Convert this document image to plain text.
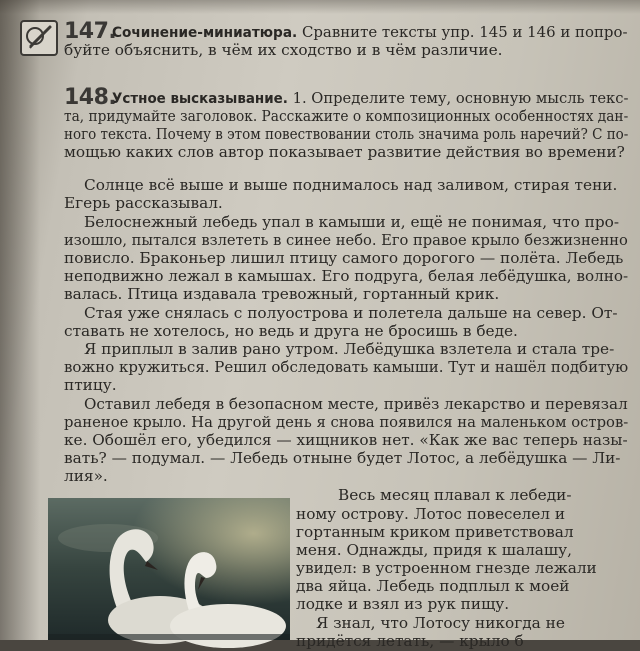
147.
Сочинение-миниатюра. Сравните тексты упр. 145 и 146 и попро-
буйте объяснить, в чём их сходство и в чём различие.
148.
Устное высказывание. 1. Определите тему, основную мысль текс-
та, придумайте заголовок. Расскажите о композиционных особенностях дан-
ного текста. Почему в этом повествовании столь значима роль наречий? С по-
мощью каких слов автор показывает развитие действия во времени?
Солнце всё выше и выше поднималось над заливом, стирая тени.
Егерь рассказывал.
Белоснежный лебедь упал в камыши и, ещё не понимая, что про-
изошло, пытался взлететь в синее небо. Его правое крыло безжизненно
повисло. Браконьер лишил птицу самого дорогого — полёта. Лебедь
неподвижно лежал в камышах. Его подруга, белая лебёдушка, волно-
валась. Птица издавала тревожный, гортанный крик.
Стая уже снялась с полуострова и полетела дальше на север. От-
ставать не хотелось, но ведь и друга не бросишь в беде.
Я приплыл в залив рано утром. Лебёдушка взлетела и стала тре-
вожно кружиться. Решил обследовать камыши. Тут и нашёл подбитую
птицу.
Оставил лебедя в безопасном месте, привёз лекарство и перевязал
раненое крыло. На другой день я снова появился на маленьком остров-
ке. Обошёл его, убедился — хищников нет. «Как же вас теперь назы-
вать? — подумал. — Лебедь отныне будет Лотос, а лебёдушка — Ли-
лия».
Весь месяц плавал к лебеди-
ному острову. Лотос повеселел и
гортанным криком приветствовал
меня. Однажды, придя к шалашу,
увидел: в устроенном гнезде лежали
два яйца. Лебедь подплыл к моей
лодке и взял из рук пищу.
Я знал, что Лотосу никогда не
придётся летать, — крыло б
